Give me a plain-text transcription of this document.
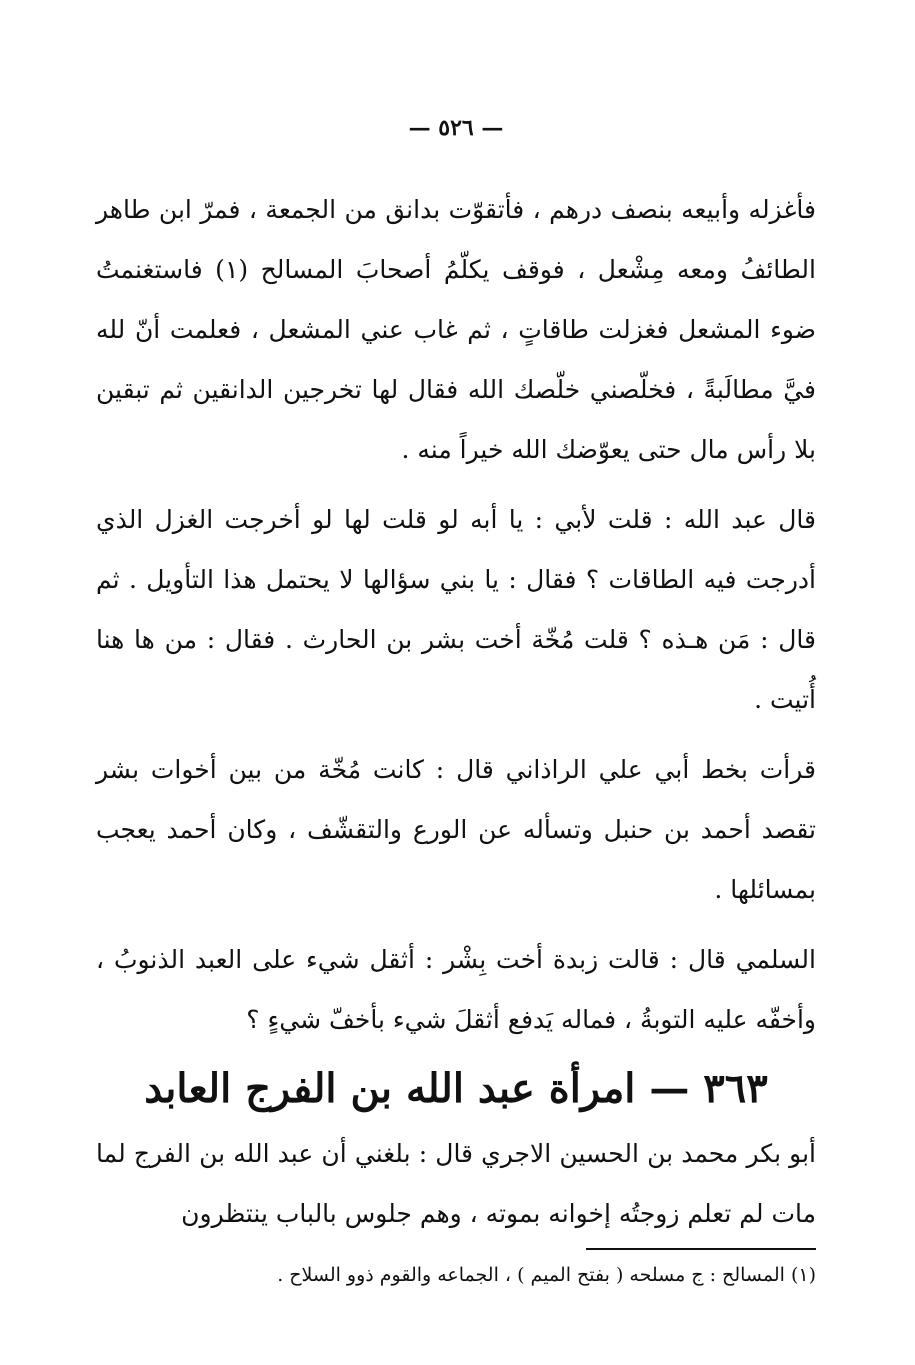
— ٥٢٦ —

فأغزله وأبيعه بنصف درهم ، فأتقوّت بدانق من الجمعة ، فمرّ ابن طاهر الطائفُ ومعه مِشْعل ، فوقف يكلّمُ أصحابَ المسالح (١) فاستغنمتُ ضوء المشعل فغزلت طاقاتٍ ، ثم غاب عني المشعل ، فعلمت أنّ لله فيَّ مطالَبةً ، فخلّصني خلّصك الله فقال لها تخرجين الدانقين ثم تبقين بلا رأس مال حتى يعوّضك الله خيراً منه .

قال عبد الله : قلت لأبي : يا أبه لو قلت لها لو أخرجت الغزل الذي أدرجت فيه الطاقات ؟ فقال : يا بني سؤالها لا يحتمل هذا التأويل . ثم قال : مَن هـذه ؟ قلت مُخّة أخت بشر بن الحارث . فقال : من ها هنا أُتيت .

قرأت بخط أبي علي الراذاني قال : كانت مُخّة من بين أخوات بشر تقصد أحمد بن حنبل وتسأله عن الورع والتقشّف ، وكان أحمد يعجب بمسائلها .

السلمي قال : قالت زبدة أخت بِشْر : أثقل شيء على العبد الذنوبُ ، وأخفّه عليه التوبةُ ، فماله يَدفع أثقلَ شيء بأخفّ شيءٍ ؟

٣٦٣ — امرأة عبد الله بن الفرج العابد

أبو بكر محمد بن الحسين الاجري قال : بلغني أن عبد الله بن الفرج لما مات لم تعلم زوجتُه إخوانه بموته ، وهم جلوس بالباب ينتظرون

(١) المسالح : ج مسلحه ( بفتح الميم ) ، الجماعه والقوم ذوو السلاح .
